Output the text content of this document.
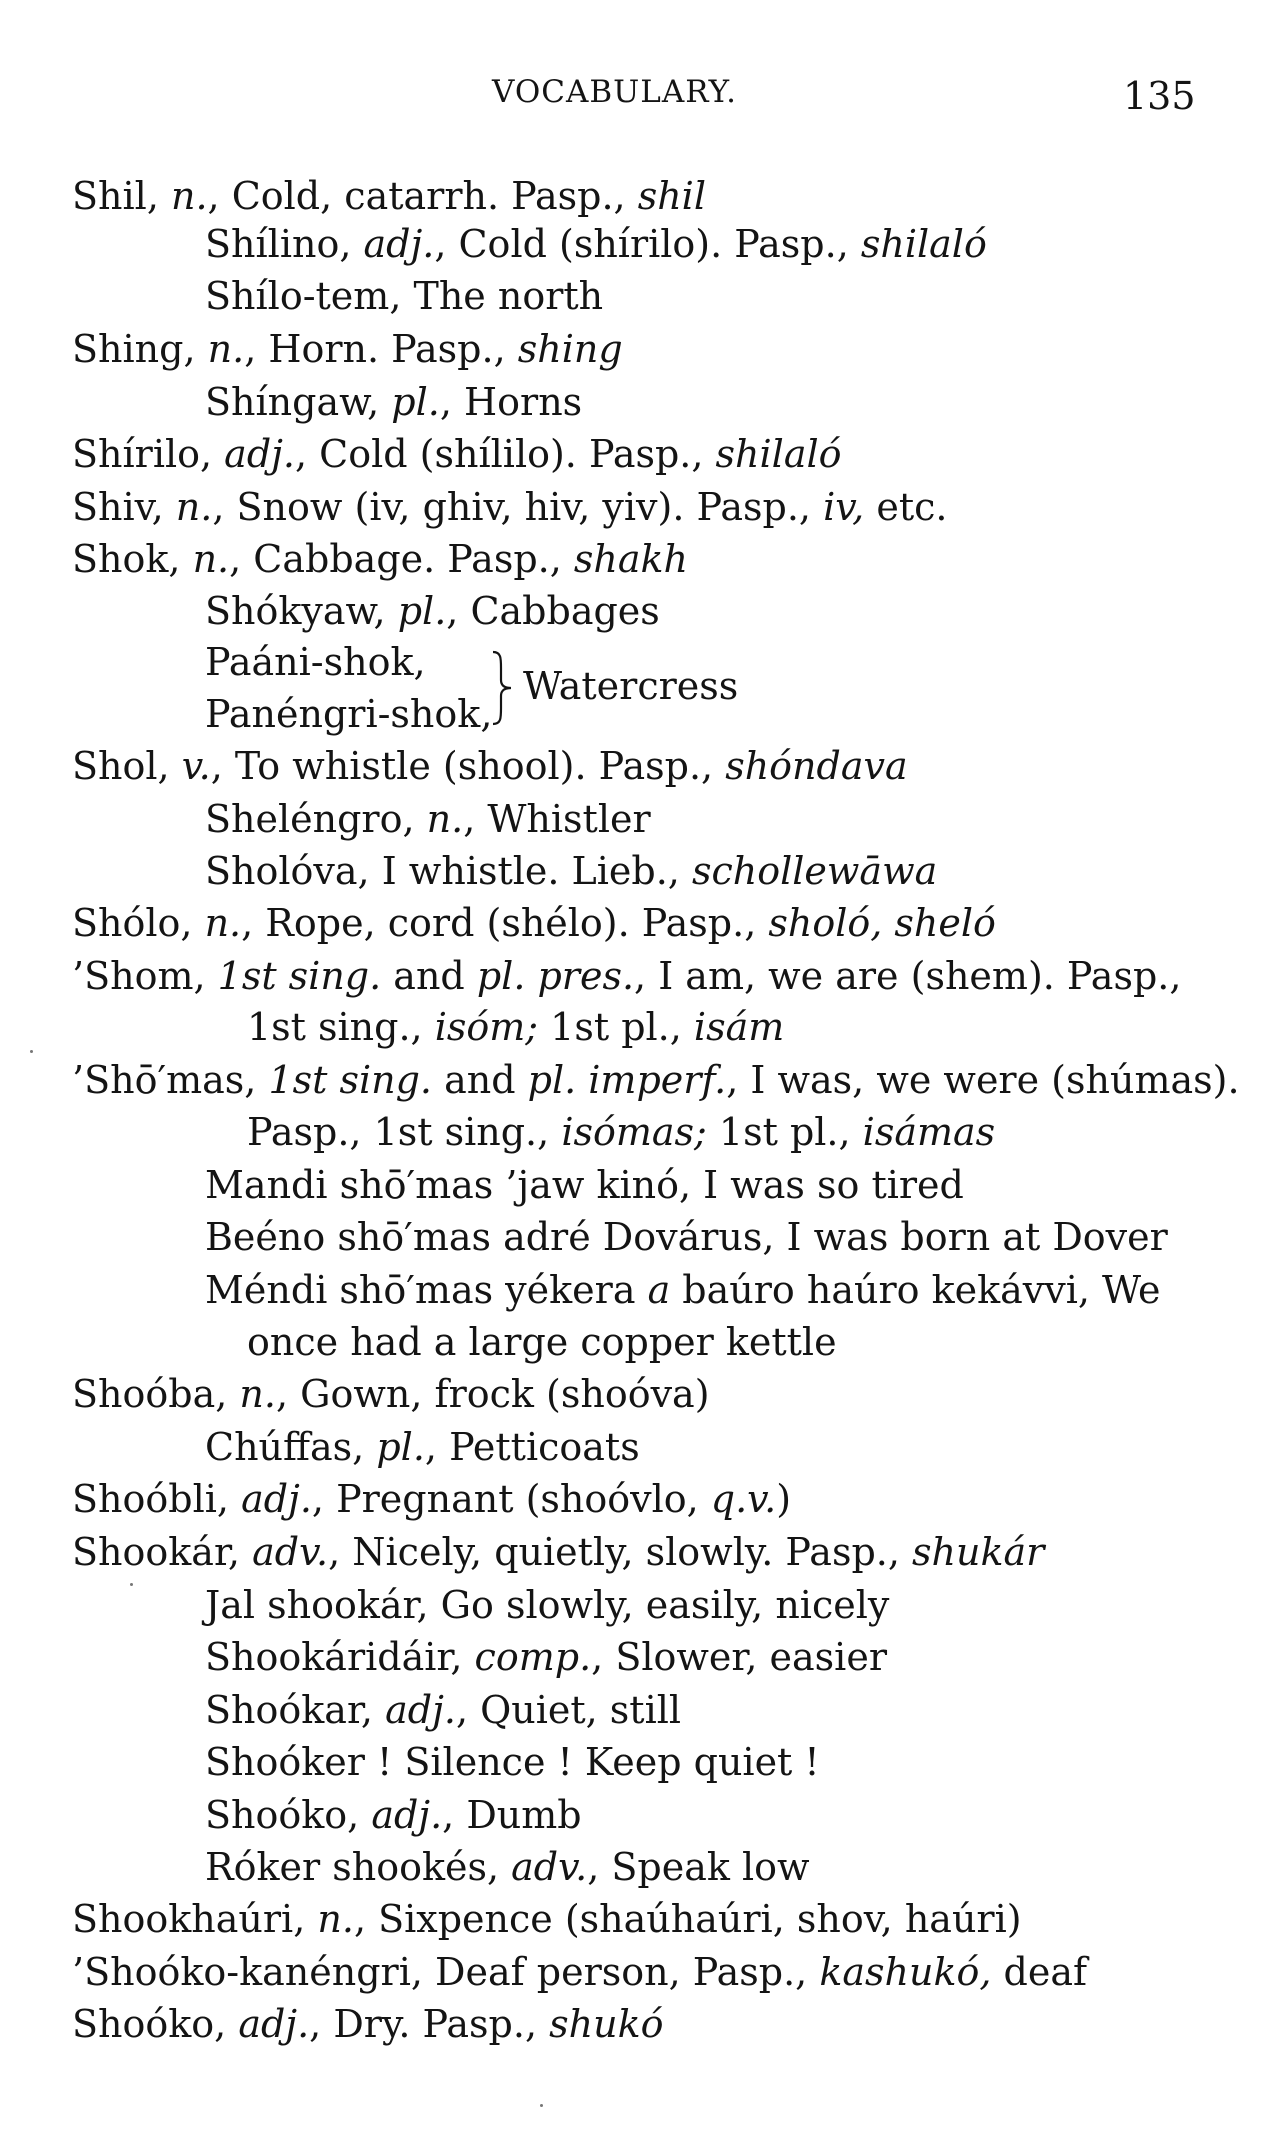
VOCABULARY.	135
Shil, n., Cold, catarrh. Pasp., shil
Shílino, adj., Cold (shírilo). Pasp., shilaló
Shílo-tem, The north
Shing, n., Horn. Pasp., shing
Shíngaw, pl., Horns
Shírilo, adj., Cold (shílilo). Pasp., shilaló
Shiv, n., Snow (iv, ghiv, hiv, yiv). Pasp., iv, etc.
Shok, n., Cabbage. Pasp., shakh
Shókyaw, pl., Cabbages
Paáni-shok,
Panéngri-shok,
Watercress
Shol, v., To whistle (shool). Pasp., shóndava
Sheléngro, n., Whistler
Sholóva, I whistle. Lieb., schollewāwa
Shólo, n., Rope, cord (shélo). Pasp., sholó, sheló
’Shom, 1st sing. and pl. pres., I am, we are (shem). Pasp.,
1st sing., isóm; 1st pl., isám
’Shō′mas, 1st sing. and pl. imperf., I was, we were (shúmas).
Pasp., 1st sing., isómas; 1st pl., isámas
Mandi shō′mas ’jaw kinó, I was so tired
Beéno shō′mas adré Dovárus, I was born at Dover
Méndi shō′mas yékera a baúro haúro kekávvi, We
once had a large copper kettle
Shoóba, n., Gown, frock (shoóva)
Chúffas, pl., Petticoats
Shoóbli, adj., Pregnant (shoóvlo, q.v.)
Shookár, adv., Nicely, quietly, slowly. Pasp., shukár
Jal shookár, Go slowly, easily, nicely
Shookáridáir, comp., Slower, easier
Shoókar, adj., Quiet, still
Shoóker ! Silence ! Keep quiet !
Shoóko, adj., Dumb
Róker shookés, adv., Speak low
Shookhaúri, n., Sixpence (shaúhaúri, shov, haúri)
’Shoóko-kanéngri, Deaf person, Pasp., kashukó, deaf
Shoóko, adj., Dry. Pasp., shukó
